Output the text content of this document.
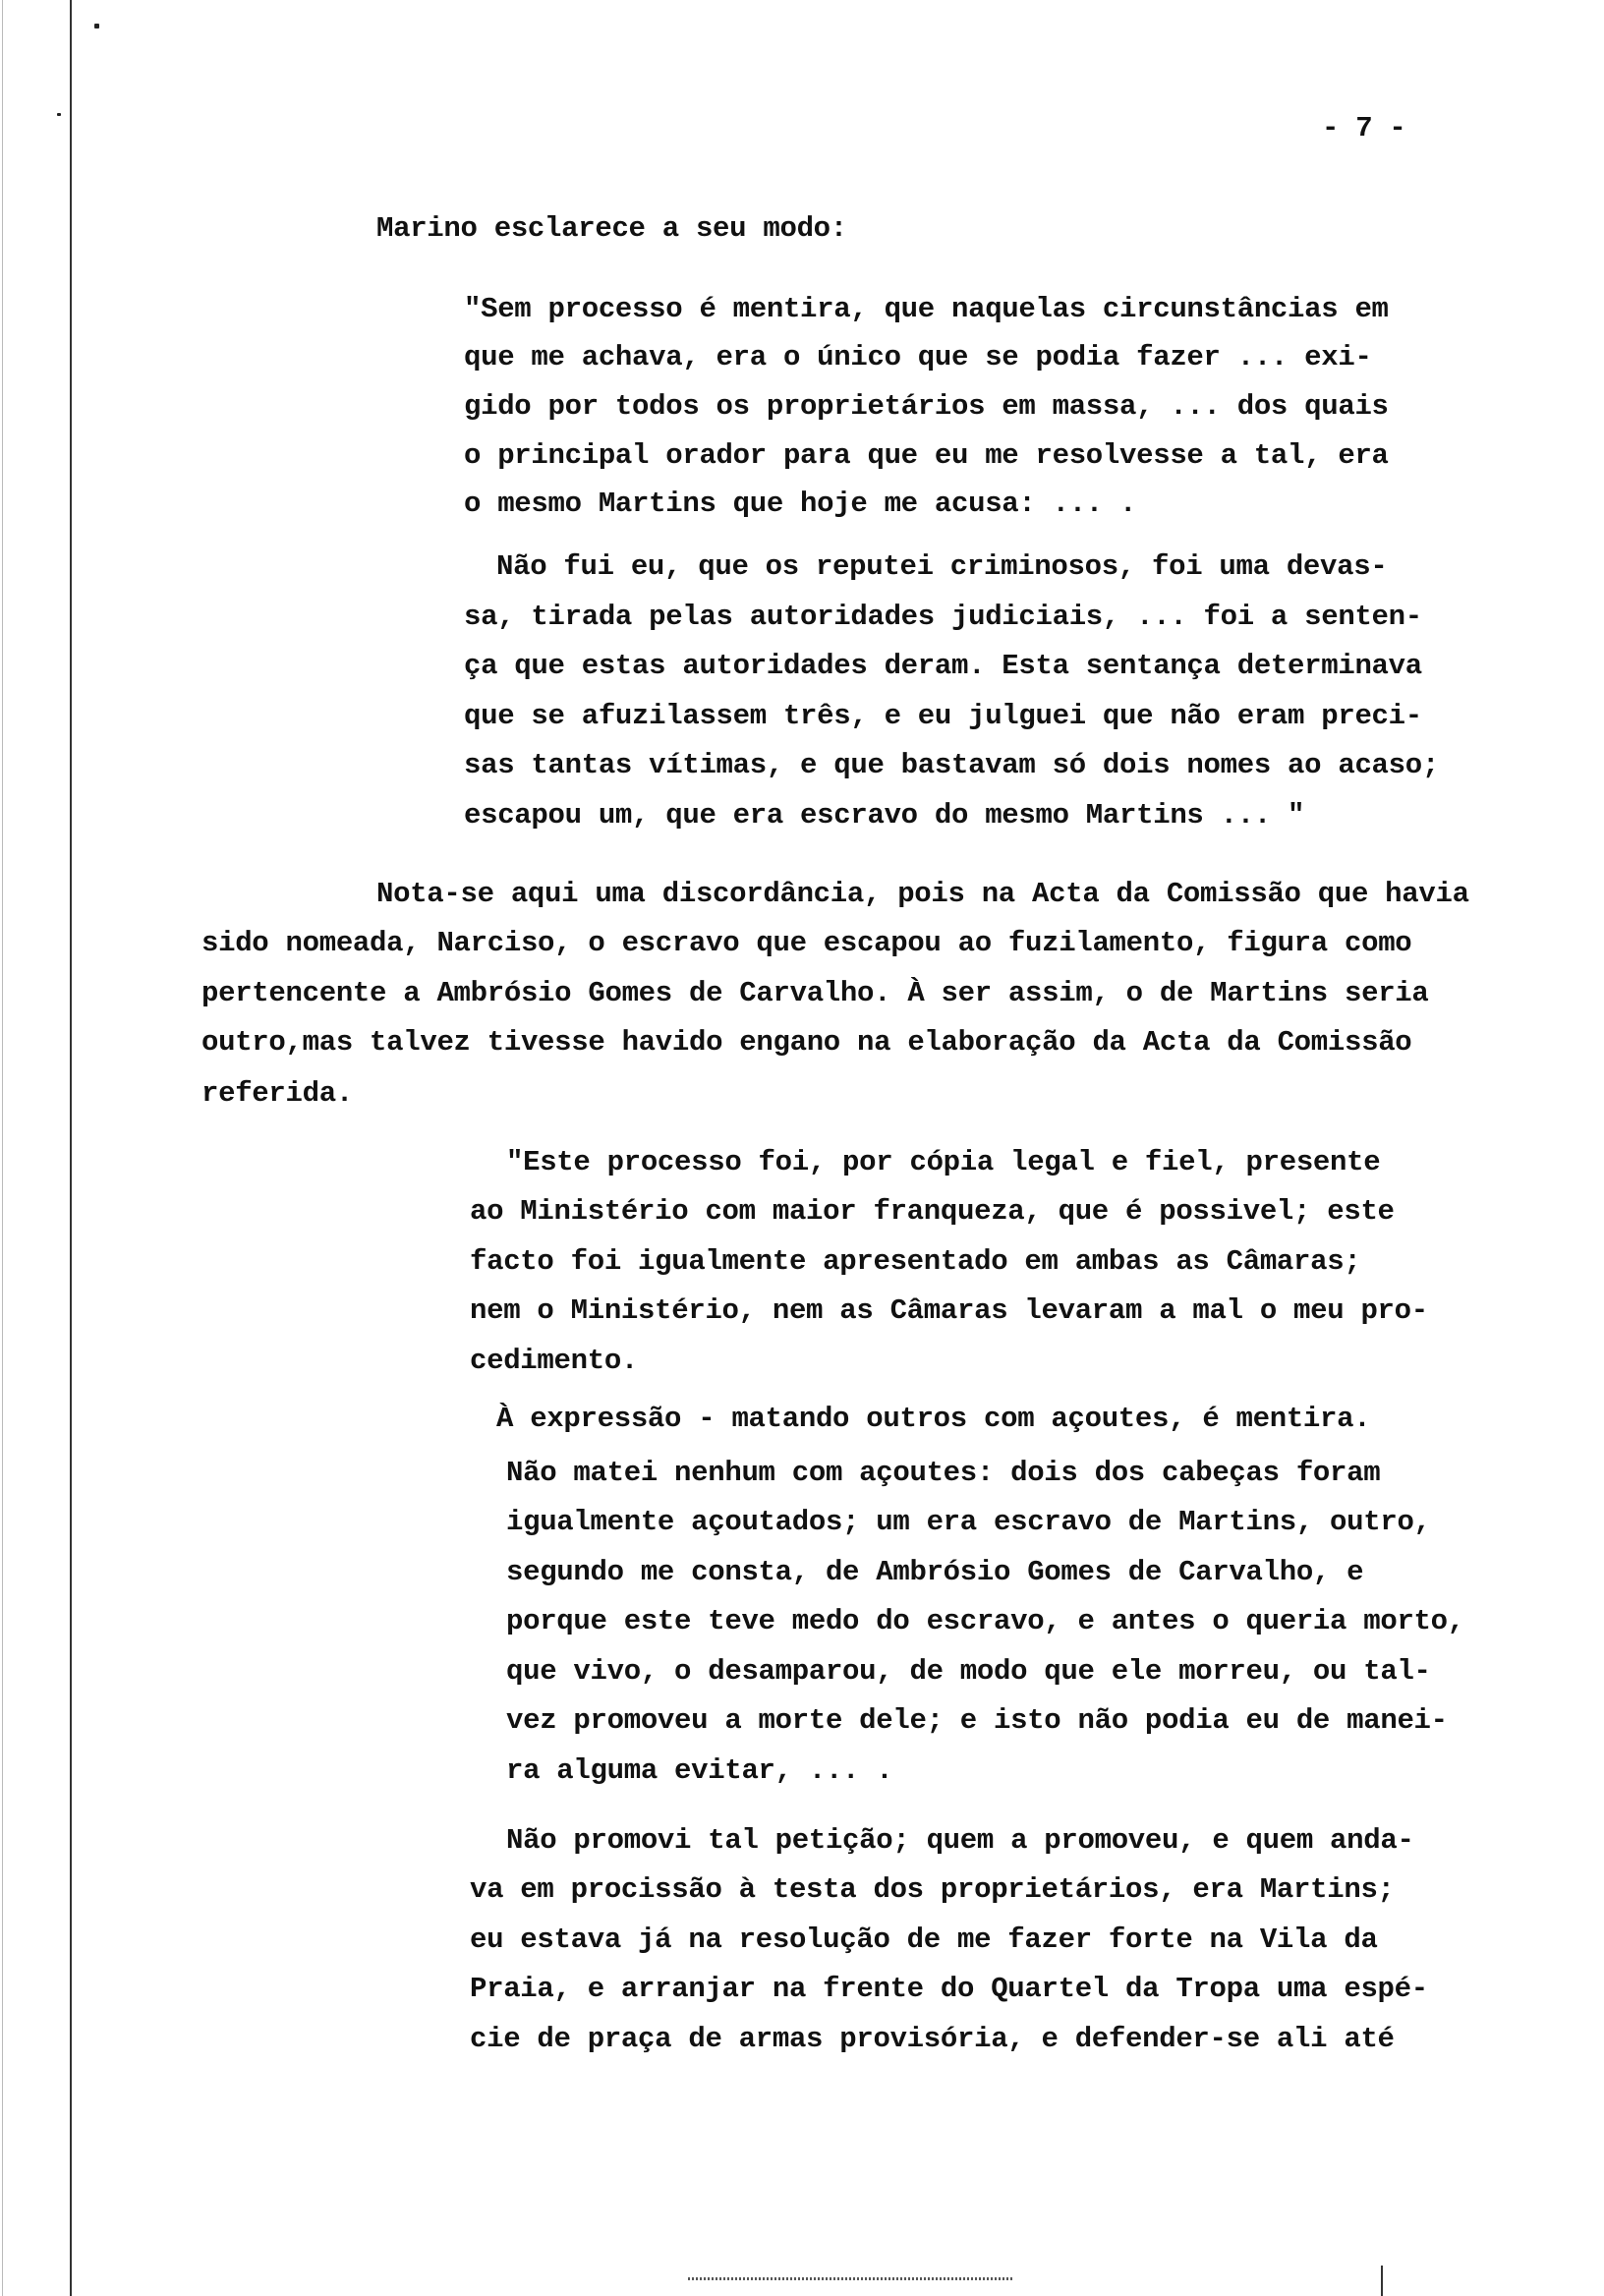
- 7 -
Marino esclarece a seu modo:
"Sem processo é mentira, que naquelas circunstâncias em
que me achava, era o único que se podia fazer ... exi-
gido por todos os proprietários em massa, ... dos quais
o principal orador para que eu me resolvesse a tal, era
o mesmo Martins que hoje me acusa: ... .
Não fui eu, que os reputei criminosos, foi uma devas-
sa, tirada pelas autoridades judiciais, ... foi a senten-
ça que estas autoridades deram. Esta sentança determinava
que se afuzilassem três, e eu julguei que não eram preci-
sas tantas vítimas, e que bastavam só dois nomes ao acaso;
escapou um, que era escravo do mesmo Martins ... "
Nota-se aqui uma discordância, pois na Acta da Comissão que havia
sido nomeada, Narciso, o escravo que escapou ao fuzilamento, figura como
pertencente a Ambrósio Gomes de Carvalho. À ser assim, o de Martins seria
outro,mas talvez tivesse havido engano na elaboração da Acta da Comissão
referida.
"Este processo foi, por cópia legal e fiel, presente
ao Ministério com maior franqueza, que é possivel; este
facto foi igualmente apresentado em ambas as Câmaras;
nem o Ministério, nem as Câmaras levaram a mal o meu pro-
cedimento.
À expressão - matando outros com açoutes, é mentira.
Não matei nenhum com açoutes: dois dos cabeças foram
igualmente açoutados; um era escravo de Martins, outro,
segundo me consta, de Ambrósio Gomes de Carvalho, e
porque este teve medo do escravo, e antes o queria morto,
que vivo, o desamparou, de modo que ele morreu, ou tal-
vez promoveu a morte dele; e isto não podia eu de manei-
ra alguma evitar, ... .
Não promovi tal petição; quem a promoveu, e quem anda-
va em procissão à testa dos proprietários, era Martins;
eu estava já na resolução de me fazer forte na Vila da
Praia, e arranjar na frente do Quartel da Tropa uma espé-
cie de praça de armas provisória, e defender-se ali até
